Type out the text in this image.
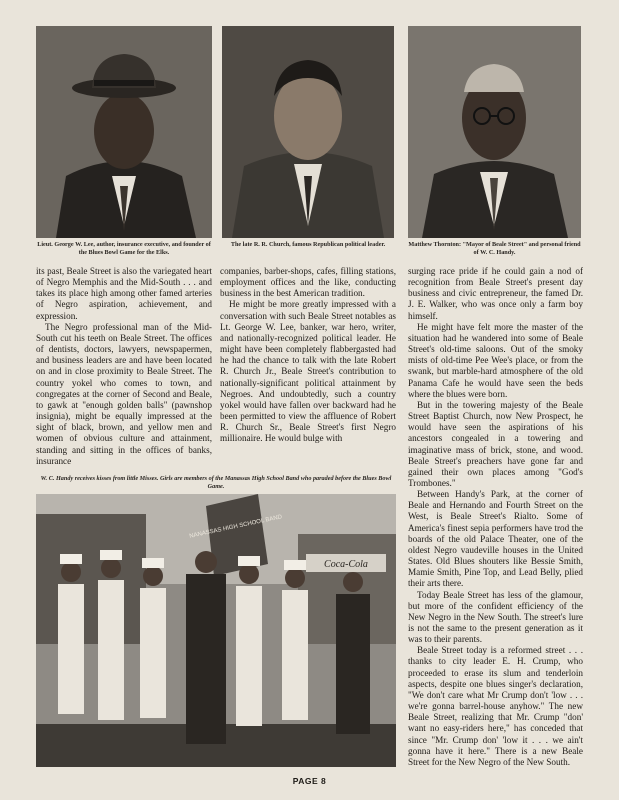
Lieut. George W. Lee, author, insurance executive, and founder of the Blues Bowl Game for the Elks.
The late R. R. Church, famous Republican political leader.	Matthew Thornton: "Mayor of Beale Street" and personal friend of W. C. Handy.

its past, Beale Street is also the variegated heart of Negro Memphis and the Mid-South . . . and takes its place high among other famed arteries of Negro aspiration, achievement, and expression.

The Negro professional man of the Mid-South cut his teeth on Beale Street. The offices of dentists, doctors, lawyers, newspapermen, and business leaders are and have been located on and in close proximity to Beale Street. The country yokel who comes to town, and congregates at the corner of Second and Beale, to gawk at "enough golden balls" (pawnshop insignia), might be equally impressed at the sight of black, brown, and yellow men and women of obvious culture and attainment, standing and sitting in the offices of banks, insurance

companies, barber-shops, cafes, filling stations, employment offices and the like, conducting business in the best American tradition.

He might be more greatly impressed with a conversation with such Beale Street notables as Lt. George W. Lee, banker, war hero, writer, and nationally-recognized political leader. He might have been completely flabbergasted had he had the chance to talk with the late Robert R. Church Jr., Beale Street's contribution to nationally-significant political attainment by Negroes. And undoubtedly, such a country yokel would have fallen over backward had he been permitted to view the affluence of Robert R. Church Sr., Beale Street's first Negro millionaire. He would bulge with

W. C. Handy receives kisses from little Misses. Girls are members of the Manassas High School Band who paraded before the Blues Bowl Game.
Coca-Cola
NANASSAS HIGH SCHOOL BAND

surging race pride if he could gain a nod of recognition from Beale Street's present day business and civic entrepreneur, the famed Dr. J. E. Walker, who was once only a farm boy himself.

He might have felt more the master of the situation had he wandered into some of Beale Street's old-time saloons. Out of the smoky mists of old-time Pee Wee's place, or from the swank, but marble-hard atmosphere of the old Panama Cafe he would have seen the beds where the blues were born.

But in the towering majesty of the Beale Street Baptist Church, now New Prospect, he would have seen the aspirations of his ancestors congealed in a towering and imaginative mass of brick, stone, and wood. Beale Street's preachers have gone far and gained their own places among "God's Trombones."

Between Handy's Park, at the corner of Beale and Hernando and Fourth Street on the West, is Beale Street's Rialto. Some of America's finest sepia performers have trod the boards of the old Palace Theater, one of the oldest Negro vaudeville houses in the United States. Old Blues shouters like Bessie Smith, Mamie Smith, Pine Top, and Lead Belly, plied their arts there.

Today Beale Street has less of the glamour, but more of the confident efficiency of the New Negro in the New South. The street's lure is not the same to the present generation as it was to their parents.

Beale Street today is a reformed street . . . thanks to city leader E. H. Crump, who proceeded to erase its slum and tenderloin aspects, despite one blues singer's declaration, "We don't care what Mr Crump don't 'low . . . we're gonna barrel-house anyhow." The new Beale Street, realizing that Mr. Crump "don' want no easy-riders here," has conceded that since "Mr. Crump don' 'low it . . . we ain't gonna have it here." There is a new Beale Street for the New Negro of the New South.

PAGE 8
